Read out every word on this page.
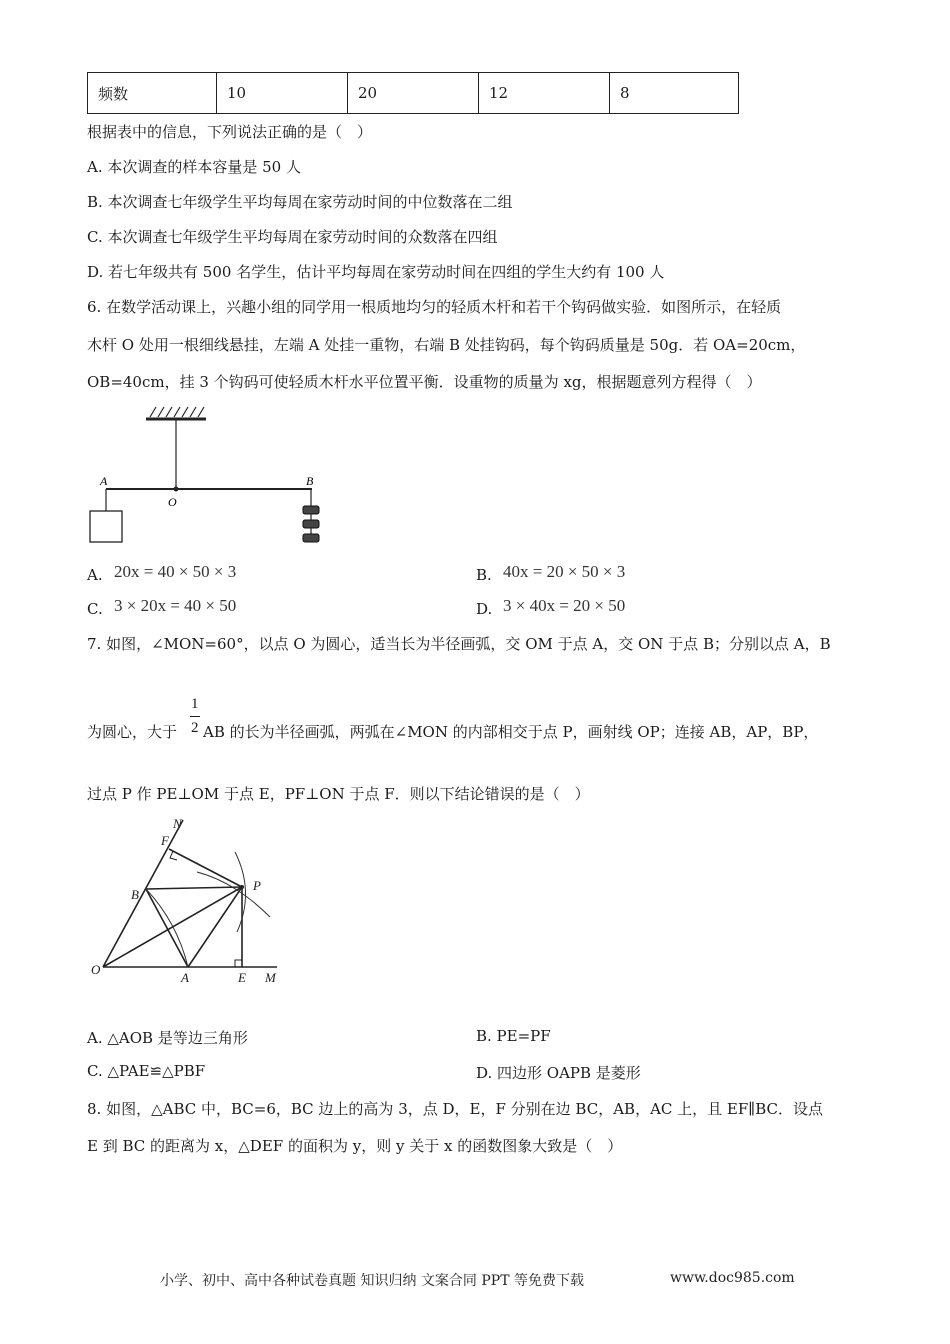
频数	10	20	12	8
根据表中的信息，下列说法正确的是（　）
A. 本次调查的样本容量是 50 人
B. 本次调查七年级学生平均每周在家劳动时间的中位数落在二组
C. 本次调查七年级学生平均每周在家劳动时间的众数落在四组
D. 若七年级共有 500 名学生，估计平均每周在家劳动时间在四组的学生大约有 100 人
6. 在数学活动课上，兴趣小组的同学用一根质地均匀的轻质木杆和若干个钩码做实验．如图所示，在轻质
木杆 O 处用一根细线悬挂，左端 A 处挂一重物，右端 B 处挂钩码，每个钩码质量是 50g．若 OA=20cm，
OB=40cm，挂 3 个钩码可使轻质木杆水平位置平衡．设重物的质量为 xg，根据题意列方程得（　）
A
O
B
A. 20x = 40 × 50 × 3	B. 40x = 20 × 50 × 3
C. 3 × 20x = 40 × 50	D. 3 × 40x = 20 × 50
7. 如图，∠MON=60°，以点 O 为圆心，适当长为半径画弧，交 OM 于点 A，交 ON 于点 B；分别以点 A，B
为圆心，大于
1
2 AB 的长为半径画弧，两弧在∠MON 的内部相交于点 P，画射线 OP；连接 AB，AP，BP，
过点 P 作 PE⊥OM 于点 E，PF⊥ON 于点 F．则以下结论错误的是（　）
N
F
B
P
O
A	E M
A. △AOB 是等边三角形	B. PE=PF
C. △PAE≌△PBF	D. 四边形 OAPB 是菱形
8. 如图，△ABC 中，BC=6，BC 边上的高为 3，点 D，E，F 分别在边 BC，AB，AC 上，且 EF∥BC．设点
E 到 BC 的距离为 x，△DEF 的面积为 y，则 y 关于 x 的函数图象大致是（　）
小学、初中、高中各种试卷真题 知识归纳 文案合同 PPT 等免费下载	www.doc985.com
